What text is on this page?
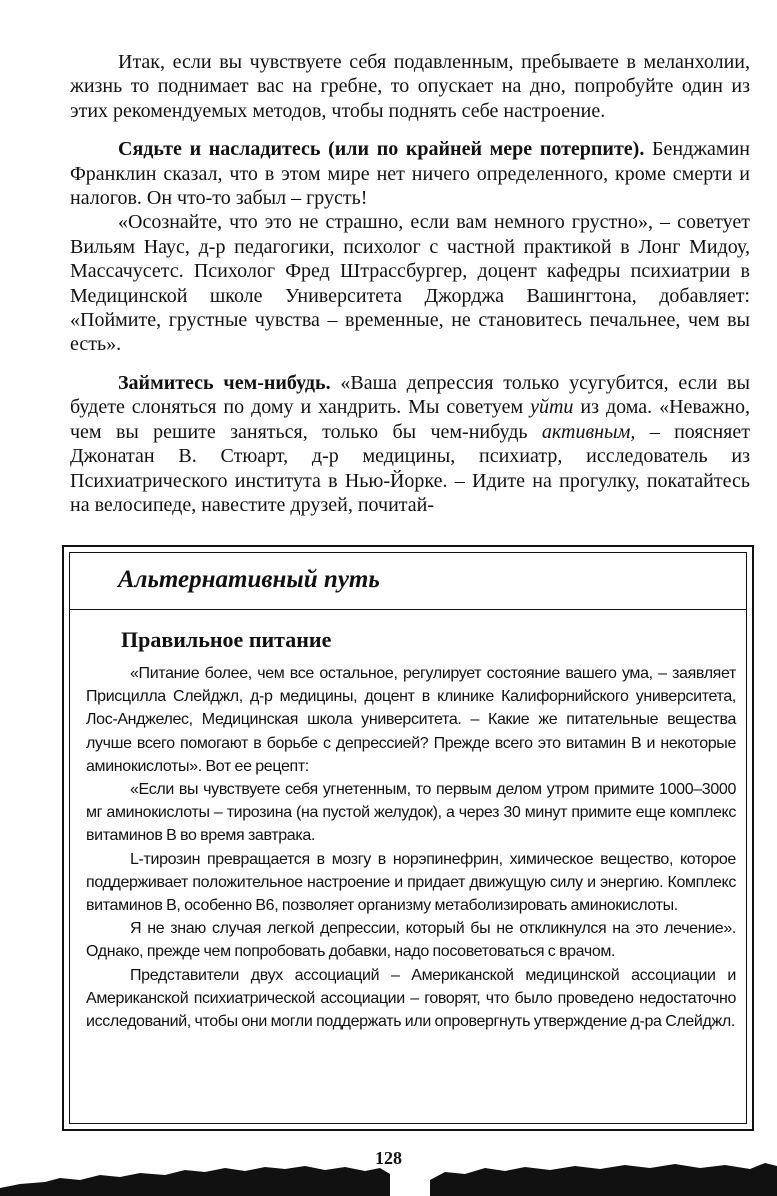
Итак, если вы чувствуете себя подавленным, пребываете в меланхолии, жизнь то поднимает вас на гребне, то опускает на дно, попробуйте один из этих рекомендуемых методов, чтобы поднять себе настроение.

Сядьте и насладитесь (или по крайней мере потерпите). Бенджамин Франклин сказал, что в этом мире нет ничего определенного, кроме смерти и налогов. Он что-то забыл – грусть!

«Осознайте, что это не страшно, если вам немного грустно», – советует Вильям Наус, д-р педагогики, психолог с частной практикой в Лонг Мидоу, Массачусетс. Психолог Фред Штрассбургер, доцент кафедры психиатрии в Медицинской школе Университета Джорджа Вашингтона, добавляет: «Поймите, грустные чувства – временные, не становитесь печальнее, чем вы есть».

Займитесь чем-нибудь. «Ваша депрессия только усугубится, если вы будете слоняться по дому и хандрить. Мы советуем уйти из дома. «Неважно, чем вы решите заняться, только бы чем-нибудь активным, – поясняет Джонатан В. Стюарт, д-р медицины, психиатр, исследователь из Психиатрического института в Нью-Йорке. – Идите на прогулку, покатайтесь на велосипеде, навестите друзей, почитай-

Альтернативный путь
Правильное питание

«Питание более, чем все остальное, регулирует состояние вашего ума, – заявляет Присцилла Слейджл, д-р медицины, доцент в клинике Калифорнийского университета, Лос-Анджелес, Медицинская школа университета. – Какие же питательные вещества лучше всего помогают в борьбе с депрессией? Прежде всего это витамин В и некоторые аминокислоты». Вот ее рецепт:

«Если вы чувствуете себя угнетенным, то первым делом утром примите 1000–3000 мг аминокислоты – тирозина (на пустой желудок), а через 30 минут примите еще комплекс витаминов В во время завтрака.

L-тирозин превращается в мозгу в норэпинефрин, химическое вещество, которое поддерживает положительное настроение и придает движущую силу и энергию. Комплекс витаминов В, особенно В6, позволяет организму метаболизировать аминокислоты.

Я не знаю случая легкой депрессии, который бы не откликнулся на это лечение». Однако, прежде чем попробовать добавки, надо посоветоваться с врачом.

Представители двух ассоциаций – Американской медицинской ассоциации и Американской психиатрической ассоциации – говорят, что было проведено недостаточно исследований, чтобы они могли поддержать или опровергнуть утверждение д-ра Слейджл.

128
